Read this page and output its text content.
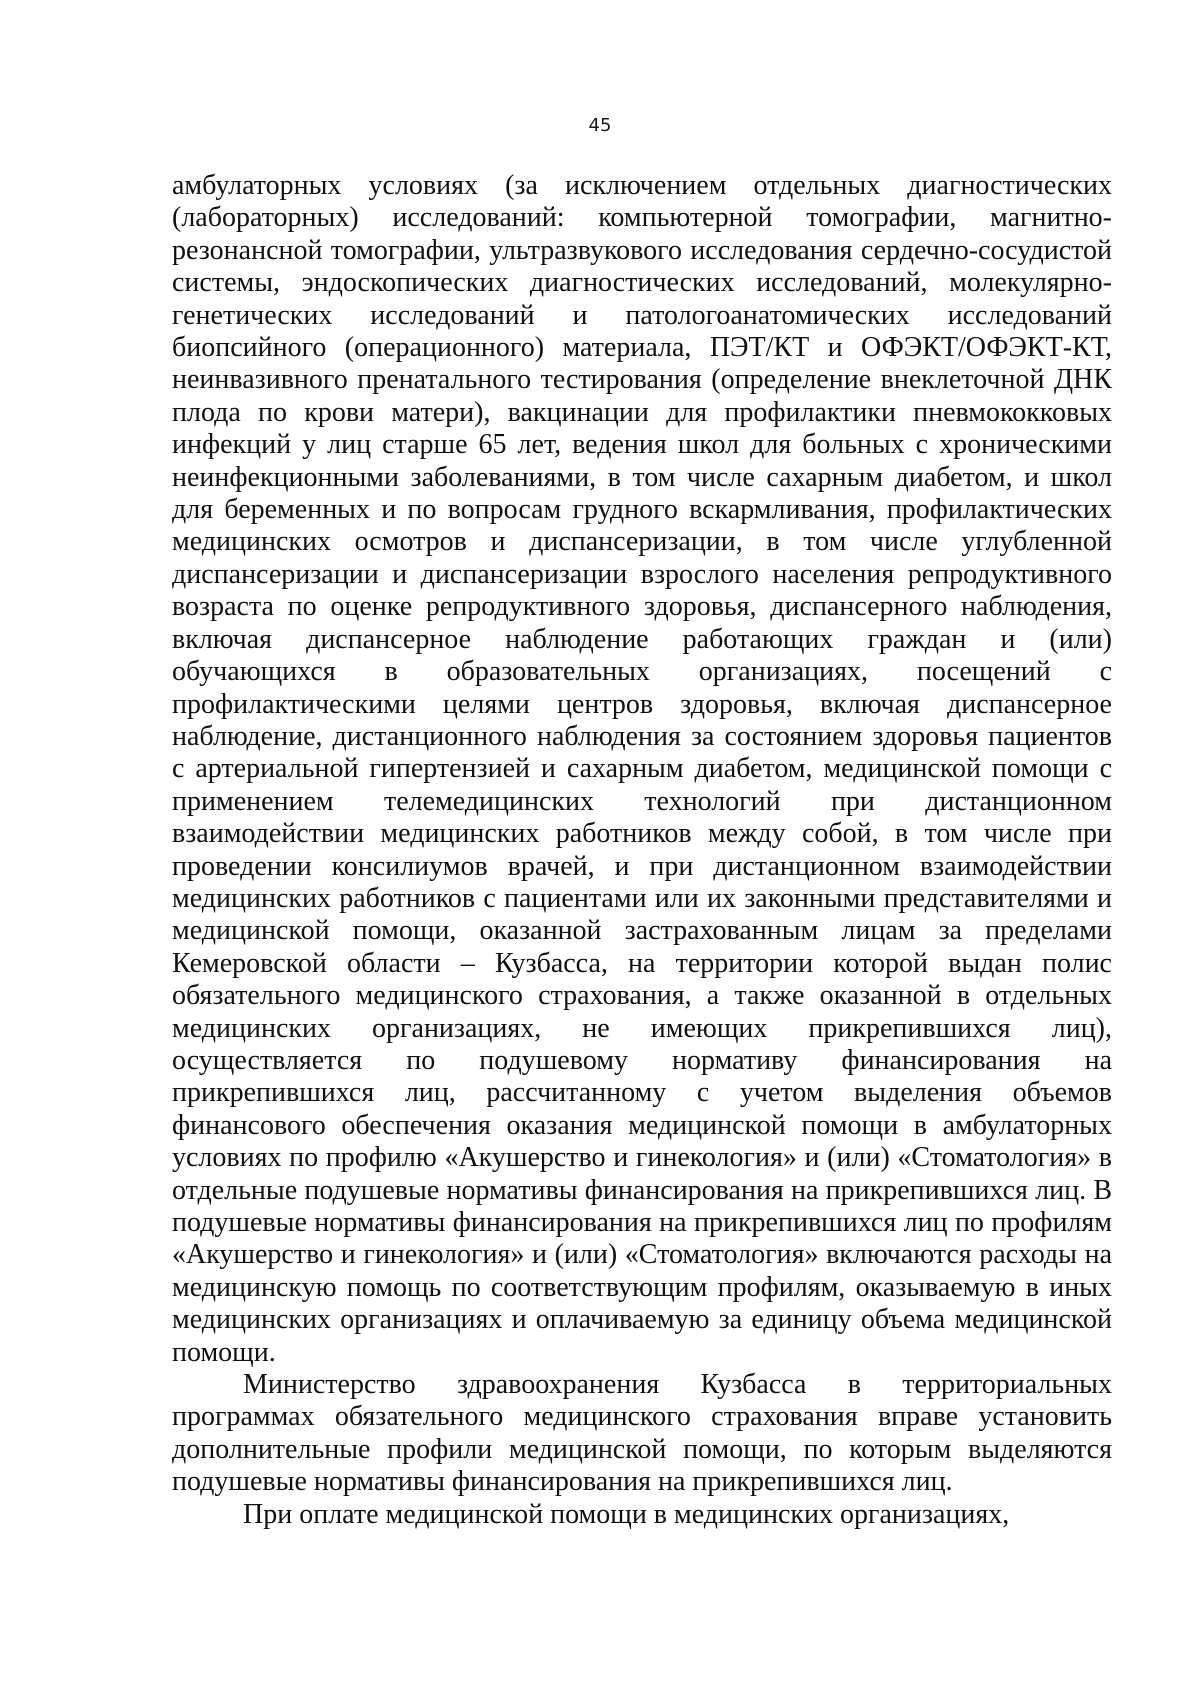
45

амбулаторных условиях (за исключением отдельных диагностических (лабораторных) исследований: компьютерной томографии, магнитно-резонансной томографии, ультразвукового исследования сердечно-сосудистой системы, эндоскопических диагностических исследований, молекулярно-генетических исследований и патологоанатомических исследований биопсийного (операционного) материала, ПЭТ/КТ и ОФЭКТ/ОФЭКТ-КТ, неинвазивного пренатального тестирования (определение внеклеточной ДНК плода по крови матери), вакцинации для профилактики пневмококковых инфекций у лиц старше 65 лет, ведения школ для больных с хроническими неинфекционными заболеваниями, в том числе сахарным диабетом, и школ для беременных и по вопросам грудного вскармливания, профилактических медицинских осмотров и диспансеризации, в том числе углубленной диспансеризации и диспансеризации взрослого населения репродуктивного возраста по оценке репродуктивного здоровья, диспансерного наблюдения, включая диспансерное наблюдение работающих граждан и (или) обучающихся в образовательных организациях, посещений с профилактическими целями центров здоровья, включая диспансерное наблюдение, дистанционного наблюдения за состоянием здоровья пациентов с артериальной гипертензией и сахарным диабетом, медицинской помощи с применением телемедицинских технологий при дистанционном взаимодействии медицинских работников между собой, в том числе при проведении консилиумов врачей, и при дистанционном взаимодействии медицинских работников с пациентами или их законными представителями и медицинской помощи, оказанной застрахованным лицам за пределами Кемеровской области – Кузбасса, на территории которой выдан полис обязательного медицинского страхования, а также оказанной в отдельных медицинских организациях, не имеющих прикрепившихся лиц), осуществляется по подушевому нормативу финансирования на прикрепившихся лиц, рассчитанному с учетом выделения объемов финансового обеспечения оказания медицинской помощи в амбулаторных условиях по профилю «Акушерство и гинекология» и (или) «Стоматология» в отдельные подушевые нормативы финансирования на прикрепившихся лиц. В подушевые нормативы финансирования на прикрепившихся лиц по профилям «Акушерство и гинекология» и (или) «Стоматология» включаются расходы на медицинскую помощь по соответствующим профилям, оказываемую в иных медицинских организациях и оплачиваемую за единицу объема медицинской помощи.

Министерство здравоохранения Кузбасса в территориальных программах обязательного медицинского страхования вправе установить дополнительные профили медицинской помощи, по которым выделяются подушевые нормативы финансирования на прикрепившихся лиц.

При оплате медицинской помощи в медицинских организациях,
